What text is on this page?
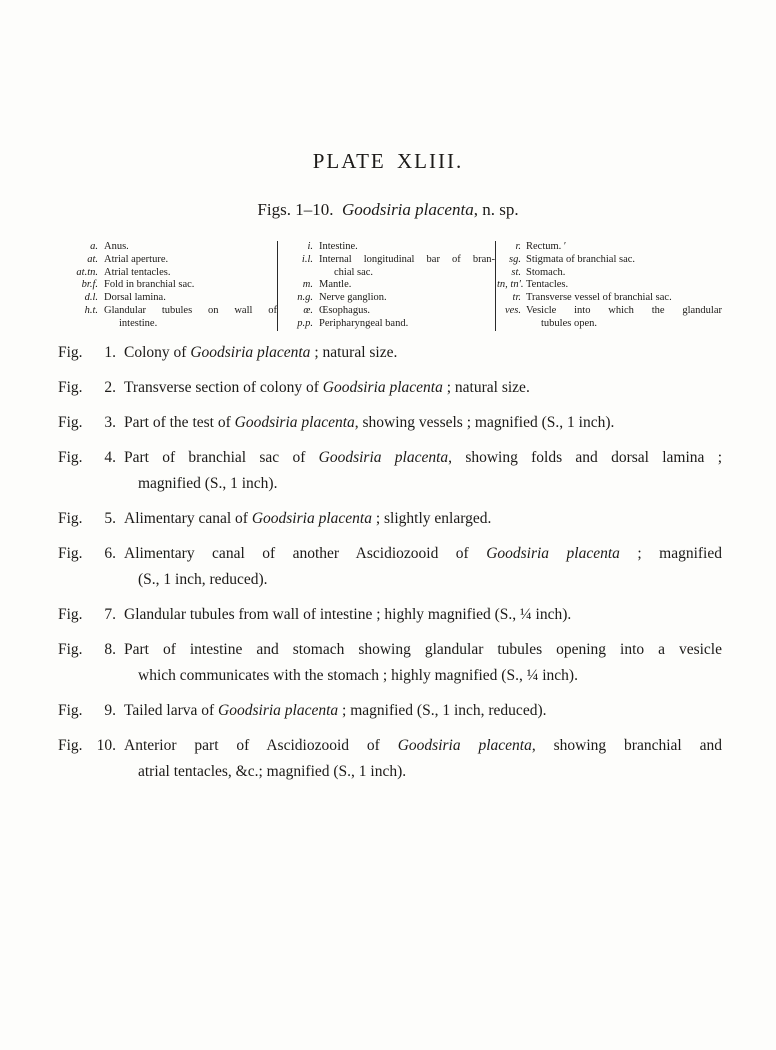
PLATE XLIII.
Figs. 1–10. Goodsiria placenta, n. sp.
a. Anus.
at. Atrial aperture.
at.tn. Atrial tentacles.
br.f. Fold in branchial sac.
d.l. Dorsal lamina.
h.t. Glandular tubules on wall of
intestine.
i. Intestine.
i.l. Internal longitudinal bar of bran-
chial sac.
m. Mantle.
n.g. Nerve ganglion.
œ. Œsophagus.
p.p. Peripharyngeal band.
r. Rectum. ′
sg. Stigmata of branchial sac.
st. Stomach.
tn, tn′. Tentacles.
tr. Transverse vessel of branchial sac.
ves. Vesicle into which the glandular
tubules open.
Fig.	1. Colony of Goodsiria placenta ; natural size.
Fig.	2. Transverse section of colony of Goodsiria placenta ; natural size.
Fig.	3. Part of the test of Goodsiria placenta, showing vessels ; magnified (S., 1 inch).
Fig.	4. Part of branchial sac of Goodsiria placenta, showing folds and dorsal lamina ;
magnified (S., 1 inch).
Fig.	5. Alimentary canal of Goodsiria placenta ; slightly enlarged.
Fig.	6. Alimentary canal of another Ascidiozooid of Goodsiria placenta ; magnified
(S., 1 inch, reduced).
Fig.	7. Glandular tubules from wall of intestine ; highly magnified (S., ¼ inch).
Fig.	8. Part of intestine and stomach showing glandular tubules opening into a vesicle
which communicates with the stomach ; highly magnified (S., ¼ inch).
Fig.	9. Tailed larva of Goodsiria placenta ; magnified (S., 1 inch, reduced).
Fig. 10. Anterior part of Ascidiozooid of Goodsiria placenta, showing branchial and
atrial tentacles, &c.; magnified (S., 1 inch).
